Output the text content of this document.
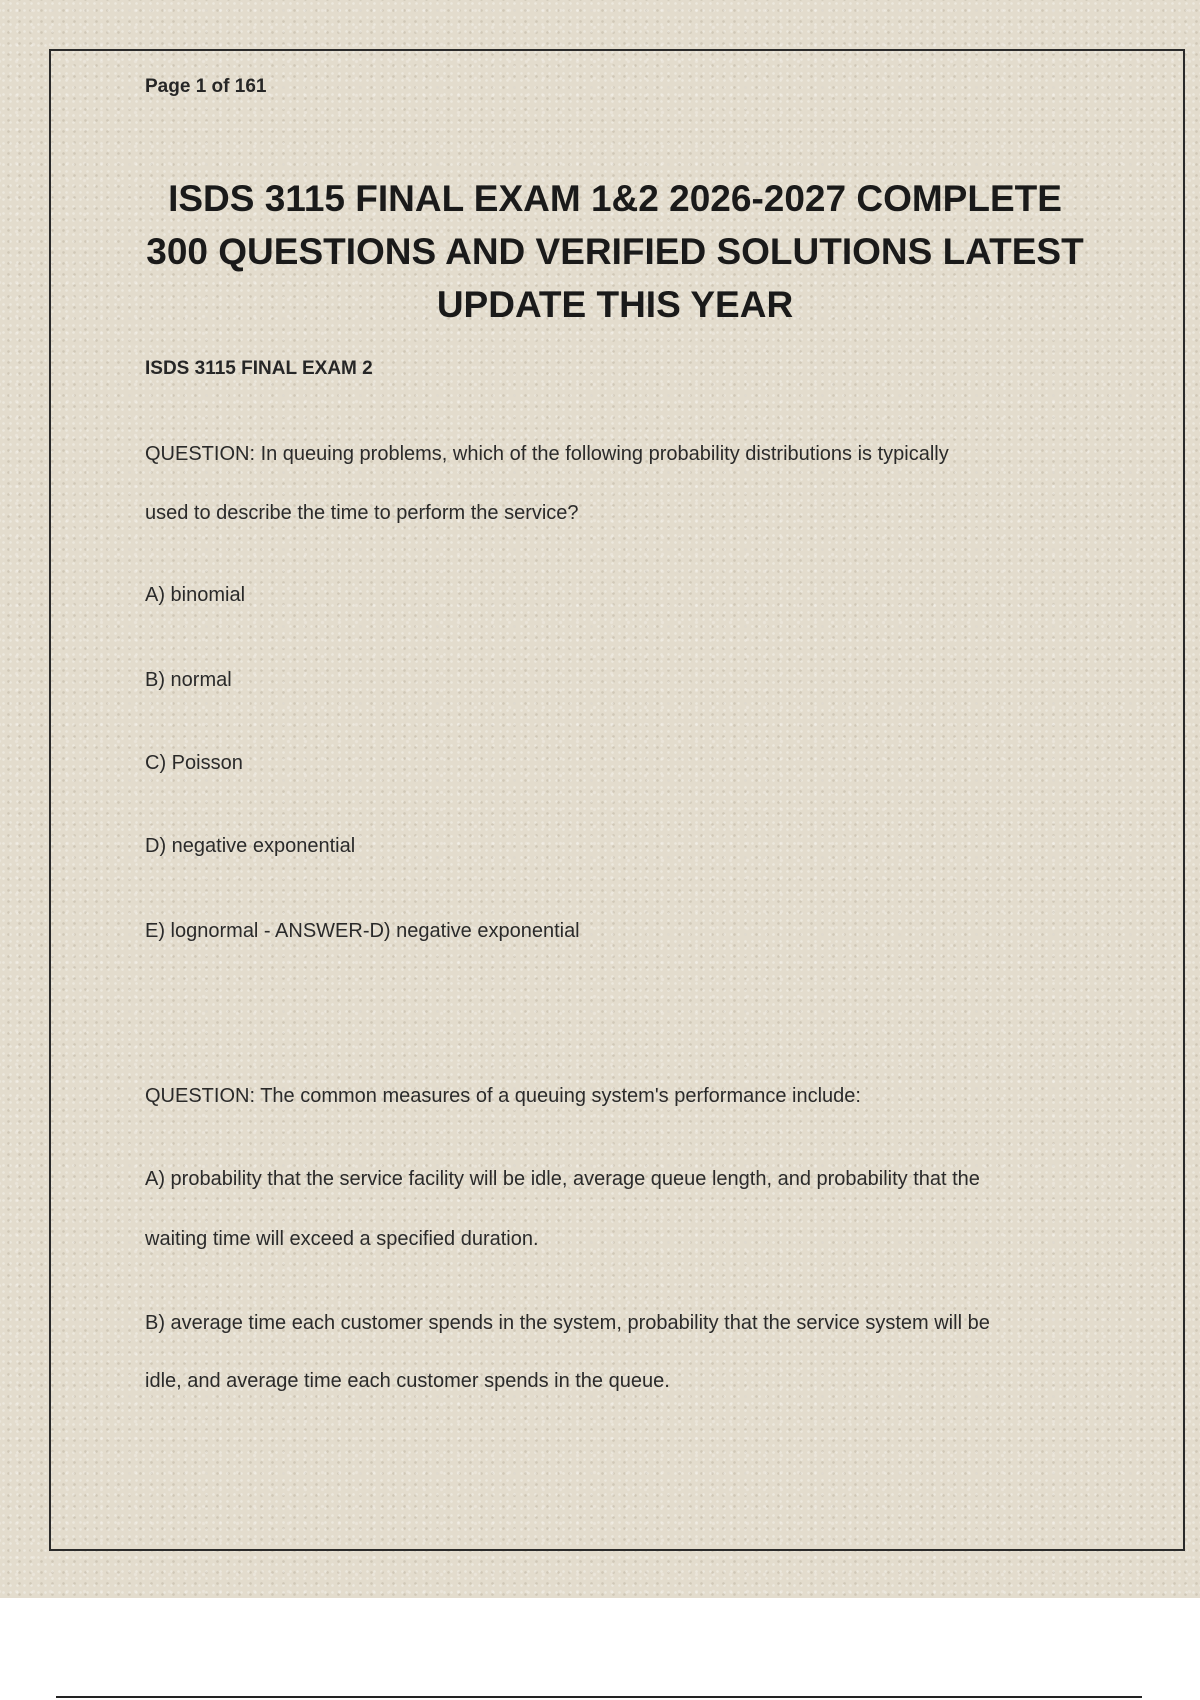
Page 1 of 161
ISDS 3115 FINAL EXAM 1&2 2026-2027 COMPLETE
300 QUESTIONS AND VERIFIED SOLUTIONS LATEST
UPDATE THIS YEAR
ISDS 3115 FINAL EXAM 2
QUESTION: In queuing problems, which of the following probability distributions is typically
used to describe the time to perform the service?
A) binomial
B) normal
C) Poisson
D) negative exponential
E) lognormal - ANSWER-D) negative exponential
QUESTION: The common measures of a queuing system's performance include:
A) probability that the service facility will be idle, average queue length, and probability that the
waiting time will exceed a specified duration.
B) average time each customer spends in the system, probability that the service system will be
idle, and average time each customer spends in the queue.
